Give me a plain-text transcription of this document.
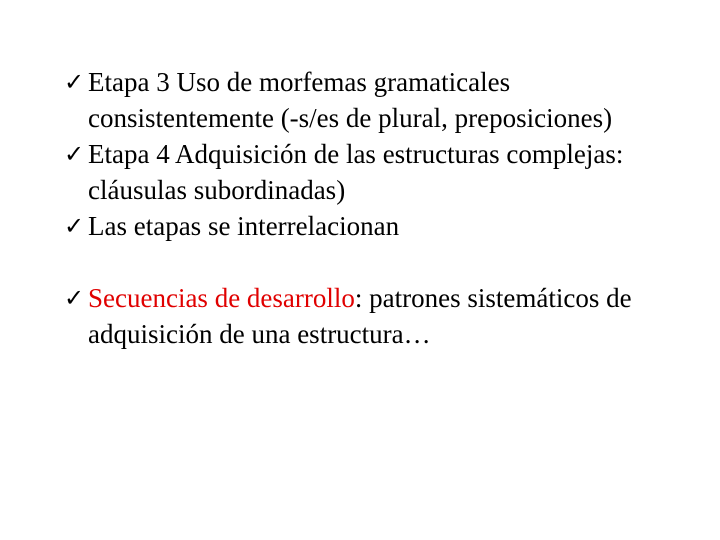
✓ Etapa 3 Uso de morfemas gramaticales consistentemente (-s/es de plural, preposiciones)
✓ Etapa 4 Adquisición de las estructuras complejas: cláusulas subordinadas)
✓ Las etapas se interrelacionan
✓ Secuencias de desarrollo: patrones sistemáticos de adquisición de una estructura…
